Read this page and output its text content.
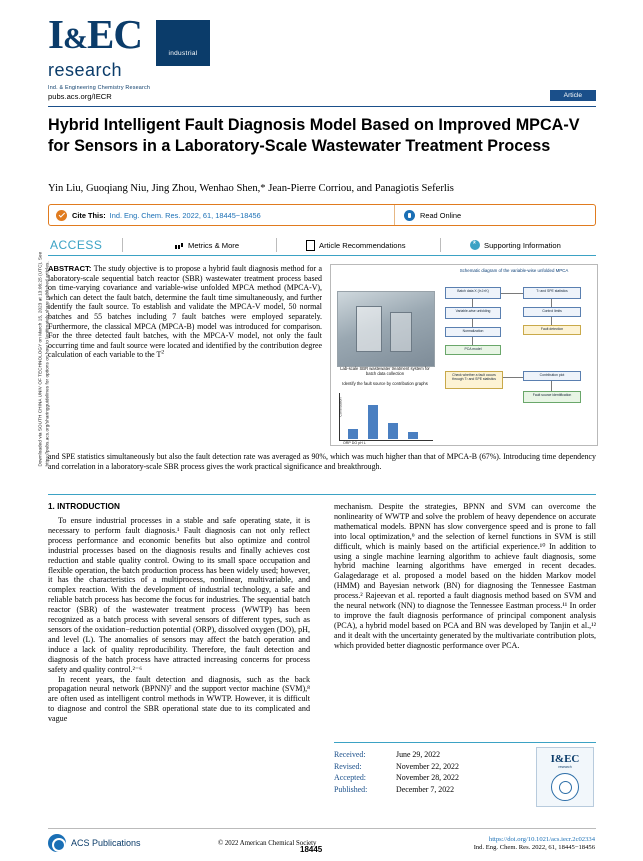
Downloaded via SOUTH CHINA UNIV OF TECHNOLOGY on March 15, 2023 at 13:06:25 (UTC). See https://pubs.acs.org/sharingguidelines for options on how to legitimately share published articles.
I&EC
research
Ind. & Engineering Chemistry Research
industrial
pubs.acs.org/IECR	Article
Hybrid Intelligent Fault Diagnosis Model Based on Improved MPCA-V for Sensors in a Laboratory-Scale Wastewater Treatment Process
Yin Liu, Guoqiang Niu, Jing Zhou, Wenhao Shen,* Jean-Pierre Corriou, and Panagiotis Seferlis
Cite This: Ind. Eng. Chem. Res. 2022, 61, 18445−18456	Read Online
ACCESS	Metrics & More	Article Recommendations *	Supporting Information
ABSTRACT: The study objective is to propose a hybrid fault diagnosis method for a laboratory-scale sequential batch reactor (SBR) wastewater treatment process based on time-varying covariance and variable-wise unfolded MPCA method (MPCA-V), which can detect the fault batch, determine the fault time simultaneously, and further identify the fault source. To establish and validate the MPCA-V model, 50 normal batches and 55 batches including 7 fault batches were employed separately. Furthermore, the classical MPCA (MPCA-B) model was introduced for comparison. For the three detected fault batches, with the MPCA-V model, not only the fault occurring time and fault source were located and identified by the contribution degree calculation of each variable to the $T^2$
and SPE statistics simultaneously but also the fault detection rate was averaged as 90%, which was much higher than that of MPCA-B (67%). Introducing time dependency and correlation in a laboratory-scale SBR process gives the work practical significance and breakthrough.
Schematic diagram of the variable-wise unfolded MPCA
Lab-scale SBR wastewater treatment system for batch data collection
Identify the fault source by contribution graphs
ORP DO pH L
Contribution
Batch data X (I×J×K)
Variable-wise unfolding
Normalization
PCA model
T² and SPE statistics
Control limits
Fault detection
Check whether a fault occurs through T² and SPE statistics
Contribution plot
Fault source identification
1. INTRODUCTION

To ensure industrial processes in a stable and safe operating state, it is necessary to perform fault diagnosis.¹ Fault diagnosis can not only reflect process performance and economic benefits but also optimize and control industrial processes based on the diagnosis results and finally achieves cost reduction and stable quality control. Owing to its small space occupation and flexible operation, the batch production process has been widely used; however, it has the characteristics of a multiprocess, nonlinear, multivariable, and complex reaction. With the development of industrial technology, a safe and reliable batch process has become the focus for industries. The sequential batch reactor (SBR) of the wastewater treatment process (WWTP) has been recognized as a batch process with several sensors of different types, such as sensors of the oxidation−reduction potential (ORP), dissolved oxygen (DO), pH, and level (L). The anomalies of sensors may affect the batch operation and induce a lack of quality reproducibility. Therefore, the fault detection and diagnosis of the batch process have attracted increasing concerns for process safety and quality control.²⁻⁶

In recent years, the fault detection and diagnosis, such as the back propagation neural network (BPNN)⁷ and the support vector machine (SVM),⁸ are often used as intelligent control methods in WWTP. However, it is difficult to diagnose and control the SBR operational state due to its complicated and vague

mechanism. Despite the strategies, BPNN and SVM can overcome the nonlinearity of WWTP and solve the problem of heavy dependence on accurate mathematical models. BPNN has slow convergence speed and is prone to fall into local optimization,⁹ and the selection of kernel functions in SVM is still difficult, which is mainly based on the artificial experience.¹⁰ In addition to using a single machine learning algorithm to achieve fault diagnosis, some hybrid machine learning algorithms have emerged in recent decades. Galagedarage et al. proposed a model based on the hidden Markov model (HMM) and Bayesian network (BN) for diagnosing the Tennessee Eastman process.² Rajeevan et al. reported a fault diagnosis method based on SVM and the neural network (NN) to diagnose the Tennessee Eastman process.¹¹ In order to improve the fault diagnosis performance of principal component analysis (PCA), a hybrid model based on PCA and BN was developed by Tanjin et al.,¹² and it dealt with the uncertainty generated by the multivariate contribution plots, which provided better diagnostic performance over PCA.

Received:	June 29, 2022
Revised:	November 22, 2022
Accepted:	November 28, 2022
Published:	December 7, 2022
I&EC
research
ACS Publications	© 2022 American Chemical Society
18445
https://doi.org/10.1021/acs.iecr.2c02334
Ind. Eng. Chem. Res. 2022, 61, 18445−18456
